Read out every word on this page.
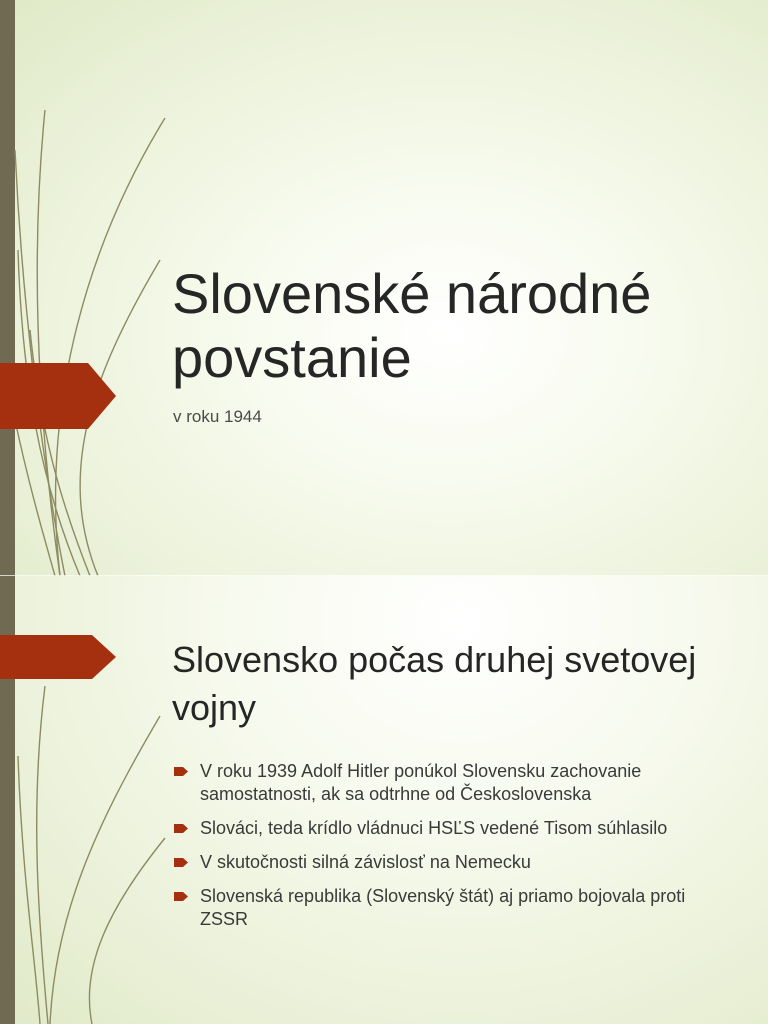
Slovenské národné povstanie

v roku 1944

Slovensko počas druhej svetovej vojny
V roku 1939 Adolf Hitler ponúkol Slovensku zachovanie samostatnosti, ak sa odtrhne od Československa
Slováci, teda krídlo vládnuci HSĽS vedené Tisom súhlasilo
V skutočnosti silná závislosť na Nemecku
Slovenská republika (Slovenský štát) aj priamo bojovala proti ZSSR
